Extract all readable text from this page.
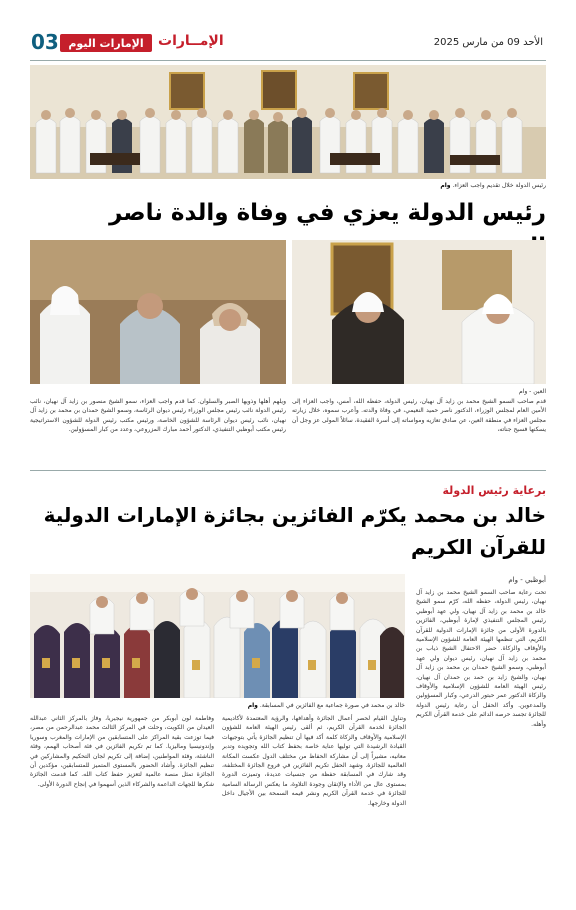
03 الإمارات اليوم	الإمــارات	الأحد 09 من مارس 2025
رئيس الدولة خلال تقديم واجب العزاء. وام
رئيس الدولة يعزي في وفاة والدة ناصر
العين - وام
قدم صاحب السمو الشيخ محمد بن زايد آل نهيان، رئيس الدولة، حفظه الله، أمس، واجب العزاء إلى الأمين العام لمجلس الوزراء، الدكتور ناصر حميد النعيمي، في وفاة والدته. وأعرب سموه، خلال زيارته مجلس العزاء في منطقة العين، عن صادق تعازيه ومواساته إلى أسرة الفقيدة، سائلاً المولى عز وجل أن يسكنها فسيح جناته،
ويلهم أهلها وذويها الصبر والسلوان. كما قدم واجب العزاء، سمو الشيخ منصور بن زايد آل نهيان، نائب رئيس الدولة نائب رئيس مجلس الوزراء رئيس ديوان الرئاسة، وسمو الشيخ حمدان بن محمد بن زايد آل نهيان، نائب رئيس ديوان الرئاسة للشؤون الخاصة، ورئيس مكتب رئيس الدولة للشؤون الاستراتيجية رئيس مكتب أبوظبي التنفيذي، الدكتور أحمد مبارك المزروعي، وعدد من كبار المسؤولين.
برعاية رئيس الدولة
خالد بن محمد يكرّم الفائزين بجائزة الإمارات الدولية
للقرآن الكريم
خالد بن محمد في صورة جماعية مع الفائزين في المسابقة. وام
أبوظبي - وام
تحت رعاية صاحب السمو الشيخ محمد بن زايد آل نهيان، رئيس الدولة، حفظه الله، كرّم سمو الشيخ خالد بن محمد بن زايد آل نهيان، ولي عهد أبوظبي رئيس المجلس التنفيذي لإمارة أبوظبي، الفائزين بالدورة الأولى من جائزة الإمارات الدولية للقرآن الكريم، التي تنظمها الهيئة العامة للشؤون الإسلامية والأوقاف والزكاة. حضر الاحتفال الشيخ ذياب بن محمد بن زايد آل نهيان، رئيس ديوان ولي عهد أبوظبي، وسمو الشيخ حمدان بن محمد بن زايد آل نهيان، والشيخ زايد بن حمد بن حمدان آل نهيان، رئيس الهيئة العامة للشؤون الإسلامية والأوقاف والزكاة الدكتور عمر حبتور الدرعي، وكبار المسؤولين والمدعوين. وأكد الحفل أن رعاية رئيس الدولة للجائزة تجسد حرصه الدائم على خدمة القرآن الكريم وأهله.
وتناول القيام لحصر أعمال الجائزة وأهدافها، والرؤية المعتمدة لأكاديمية الجائزة لخدمة القرآن الكريم، ثم ألقى رئيس الهيئة العامة للشؤون الإسلامية والأوقاف والزكاة كلمة أكد فيها أن تنظيم الجائزة يأتي بتوجيهات القيادة الرشيدة التي توليها عناية خاصة بحفظ كتاب الله وتجويده وتدبر معانيه، مشيراً إلى أن مشاركة الحفاظ من مختلف الدول عكست المكانة العالمية للجائزة. وشهد الحفل تكريم الفائزين في فروع الجائزة المختلفة، وقد شارك في المسابقة حفظة من جنسيات عديدة، وتميزت الدورة بمستوى عال من الأداء والإتقان وجودة التلاوة، ما يعكس الرسالة السامية للجائزة في خدمة القرآن الكريم ونشر قيمه السمحة بين الأجيال داخل الدولة وخارجها.
وفاطمة لون أبوبكر من جمهورية نيجيريا، وفاز بالمركز الثاني عبدالله العيدان من الكويت، وحلت في المركز الثالث محمد عبدالرحمن من مصر، فيما توزعت بقية المراكز على المتسابقين من الإمارات والمغرب وسوريا وإندونيسيا وماليزيا. كما تم تكريم الفائزين في فئة أصحاب الهمم، وفئة الناشئة، وفئة المواطنين، إضافة إلى تكريم لجان التحكيم والمشاركين في تنظيم الجائزة. وأشاد الحضور بالمستوى المتميز للمتسابقين، مؤكدين أن الجائزة تمثل منصة عالمية لتعزيز حفظ كتاب الله. كما قدمت الجائزة شكرها للجهات الداعمة والشركاء الذين أسهموا في إنجاح الدورة الأولى.
